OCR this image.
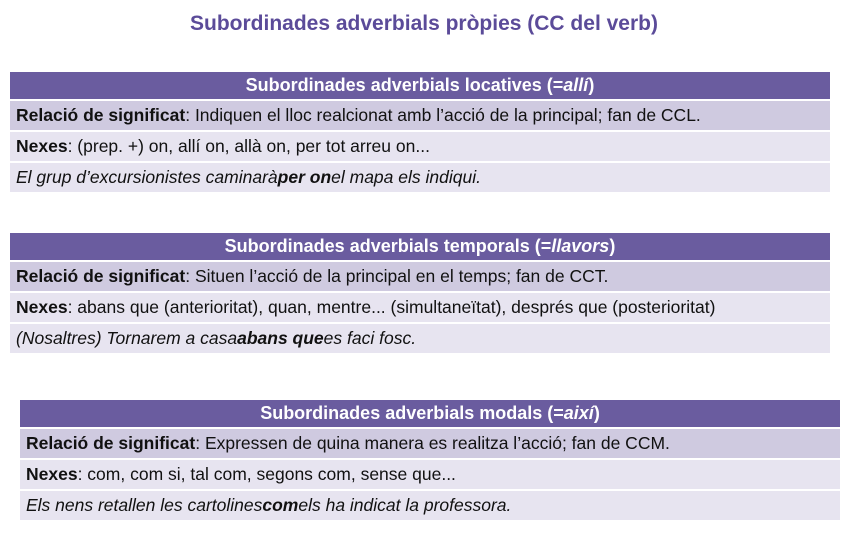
Subordinades adverbials pròpies (CC del verb)
Subordinades adverbials locatives (= allí )
Relació de significat : Indiquen el lloc realcionat amb l’acció de la principal; fan de CCL.
Nexes : (prep. +) on, allí on, allà on, per tot arreu on...
El grup d’excursionistes caminarà per on el mapa els indiqui.
Subordinades adverbials temporals (= llavors )
Relació de significat : Situen l’acció de la principal en el temps; fan de CCT.
Nexes : abans que (anterioritat), quan, mentre... (simultaneïtat), després que (posterioritat)
(Nosaltres) Tornarem a casa abans que es faci fosc.
Subordinades adverbials modals (= així )
Relació de significat : Expressen de quina manera es realitza l’acció; fan de CCM.
Nexes : com, com si, tal com, segons com, sense que...
Els nens retallen les cartolines com els ha indicat la professora.
